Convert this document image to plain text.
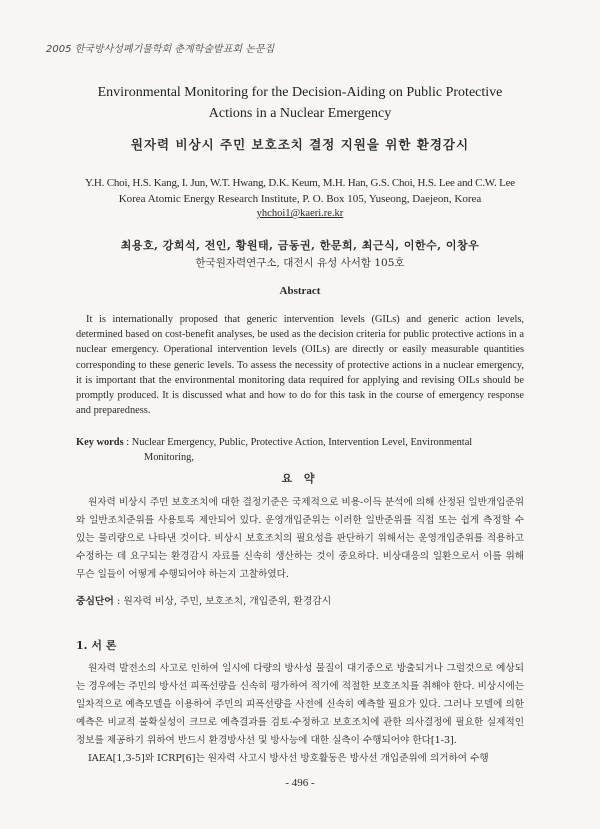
2005 한국방사성폐기물학회 춘계학술발표회 논문집
Environmental Monitoring for the Decision-Aiding on Public Protective
Actions in a Nuclear Emergency
원자력 비상시 주민 보호조치 결정 지원을 위한 환경감시
Y.H. Choi, H.S. Kang, I. Jun, W.T. Hwang, D.K. Keum, M.H. Han, G.S. Choi, H.S. Lee and C.W. Lee
Korea Atomic Energy Research Institute, P. O. Box 105, Yuseong, Daejeon, Korea
yhchoi1@kaeri.re.kr
최용호, 강희석, 전인, 황원태, 금동권, 한문희, 최근식, 이한수, 이창우
한국원자력연구소, 대전시 유성 사서함 105호
Abstract
It is internationally proposed that generic intervention levels (GILs) and generic action levels, determined based on cost-benefit analyses, be used as the decision criteria for public protective actions in a nuclear emergency. Operational intervention levels (OILs) are directly or easily measurable quantities corresponding to these generic levels. To assess the necessity of protective actions in a nuclear emergency, it is important that the environmental monitoring data required for applying and revising OILs should be promptly produced. It is discussed what and how to do for this task in the course of emergency response and preparedness.
Key words : Nuclear Emergency, Public, Protective Action, Intervention Level, Environmental
Monitoring,
요 약
원자력 비상시 주민 보호조치에 대한 결정기준은 국제적으로 비용-이득 분석에 의해 산정된 일반개입준위와 일반조치준위를 사용토록 제안되어 있다. 운영개입준위는 이러한 일반준위를 직접 또는 쉽게 측정할 수 있는 물리량으로 나타낸 것이다. 비상시 보호조치의 필요성을 판단하기 위해서는 운영개입준위를 적용하고 수정하는 데 요구되는 환경감시 자료를 신속히 생산하는 것이 중요하다. 비상대응의 일환으로서 이를 위해 무슨 일들이 어떻게 수행되어야 하는지 고찰하였다.
중심단어 : 원자력 비상, 주민, 보호조치, 개입준위, 환경감시
1. 서 론
원자력 발전소의 사고로 인하여 일시에 다량의 방사성 물질이 대기중으로 방출되거나 그럴것으로 예상되는 경우에는 주민의 방사선 피폭선량을 신속히 평가하여 적기에 적절한 보호조치를 취해야 한다. 비상시에는 일차적으로 예측모델을 이용하여 주민의 피폭선량을 사전에 신속히 예측할 필요가 있다. 그러나 모델에 의한 예측은 비교적 불확실성이 크므로 예측결과를 검토·수정하고 보호조치에 관한 의사결정에 필요한 실제적인 정보를 제공하기 위하여 반드시 환경방사선 및 방사능에 대한 실측이 수행되어야 한다[1-3].
IAEA[1,3-5]와 ICRP[6]는 원자력 사고시 방사선 방호활동은 방사선 개입준위에 의거하여 수행
- 496 -
